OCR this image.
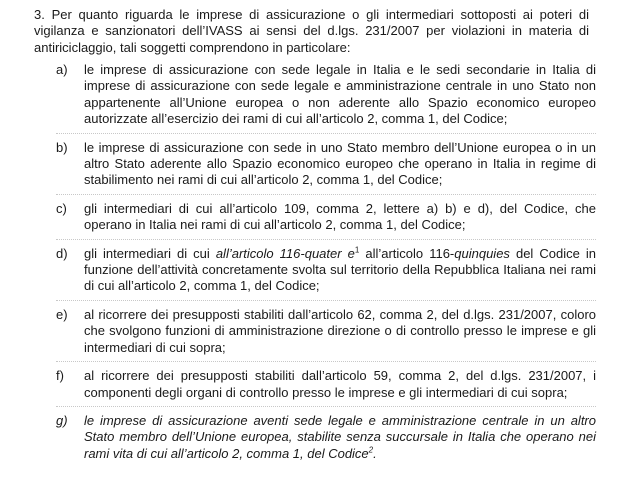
3. Per quanto riguarda le imprese di assicurazione o gli intermediari sottoposti ai poteri di vigilanza e sanzionatori dell’IVASS ai sensi del d.lgs. 231/2007 per violazioni in materia di antiriciclaggio, tali soggetti comprendono in particolare:
a) le imprese di assicurazione con sede legale in Italia e le sedi secondarie in Italia di imprese di assicurazione con sede legale e amministrazione centrale in uno Stato non appartenente all’Unione europea o non aderente allo Spazio economico europeo autorizzate all’esercizio dei rami di cui all’articolo 2, comma 1, del Codice;
b) le imprese di assicurazione con sede in uno Stato membro dell’Unione europea o in un altro Stato aderente allo Spazio economico europeo che operano in Italia in regime di stabilimento nei rami di cui all’articolo 2, comma 1, del Codice;
c) gli intermediari di cui all’articolo 109, comma 2, lettere a) b) e d), del Codice, che operano in Italia nei rami di cui all’articolo 2, comma 1, del Codice;
d) gli intermediari di cui all’articolo 116-quater $e^1$ all’articolo 116-quinquies del Codice in funzione dell’attività concretamente svolta sul territorio della Repubblica Italiana nei rami di cui all’articolo 2, comma 1, del Codice;
e) al ricorrere dei presupposti stabiliti dall’articolo 62, comma 2, del d.lgs. 231/2007, coloro che svolgono funzioni di amministrazione direzione o di controllo presso le imprese e gli intermediari di cui sopra;
f) al ricorrere dei presupposti stabiliti dall’articolo 59, comma 2, del d.lgs. 231/2007, i componenti degli organi di controllo presso le imprese e gli intermediari di cui sopra;
g) le imprese di assicurazione aventi sede legale e amministrazione centrale in un altro Stato membro dell’Unione europea, stabilite senza succursale in Italia che operano nei rami vita di cui all’articolo 2, comma 1, del Codice$^2$.
